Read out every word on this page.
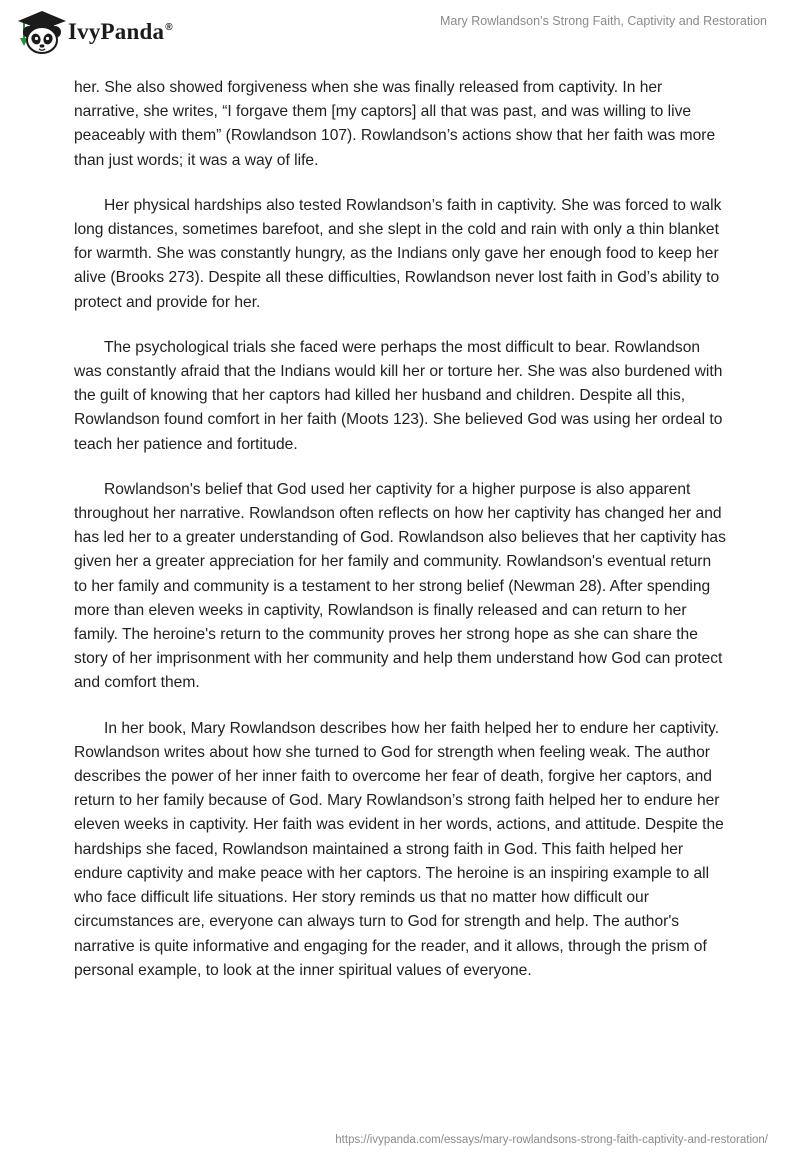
IvyPanda®	Mary Rowlandson’s Strong Faith, Captivity and Restoration

her. She also showed forgiveness when she was finally released from captivity. In her narrative, she writes, “I forgave them [my captors] all that was past, and was willing to live peaceably with them” (Rowlandson 107). Rowlandson’s actions show that her faith was more than just words; it was a way of life.

Her physical hardships also tested Rowlandson’s faith in captivity. She was forced to walk long distances, sometimes barefoot, and she slept in the cold and rain with only a thin blanket for warmth. She was constantly hungry, as the Indians only gave her enough food to keep her alive (Brooks 273). Despite all these difficulties, Rowlandson never lost faith in God’s ability to protect and provide for her.

The psychological trials she faced were perhaps the most difficult to bear. Rowlandson was constantly afraid that the Indians would kill her or torture her. She was also burdened with the guilt of knowing that her captors had killed her husband and children. Despite all this, Rowlandson found comfort in her faith (Moots 123). She believed God was using her ordeal to teach her patience and fortitude.

Rowlandson's belief that God used her captivity for a higher purpose is also apparent throughout her narrative. Rowlandson often reflects on how her captivity has changed her and has led her to a greater understanding of God. Rowlandson also believes that her captivity has given her a greater appreciation for her family and community. Rowlandson's eventual return to her family and community is a testament to her strong belief (Newman 28). After spending more than eleven weeks in captivity, Rowlandson is finally released and can return to her family. The heroine's return to the community proves her strong hope as she can share the story of her imprisonment with her community and help them understand how God can protect and comfort them.

In her book, Mary Rowlandson describes how her faith helped her to endure her captivity. Rowlandson writes about how she turned to God for strength when feeling weak. The author describes the power of her inner faith to overcome her fear of death, forgive her captors, and return to her family because of God. Mary Rowlandson’s strong faith helped her to endure her eleven weeks in captivity. Her faith was evident in her words, actions, and attitude. Despite the hardships she faced, Rowlandson maintained a strong faith in God. This faith helped her endure captivity and make peace with her captors. The heroine is an inspiring example to all who face difficult life situations. Her story reminds us that no matter how difficult our circumstances are, everyone can always turn to God for strength and help. The author's narrative is quite informative and engaging for the reader, and it allows, through the prism of personal example, to look at the inner spiritual values of everyone.

https://ivypanda.com/essays/mary-rowlandsons-strong-faith-captivity-and-restoration/
